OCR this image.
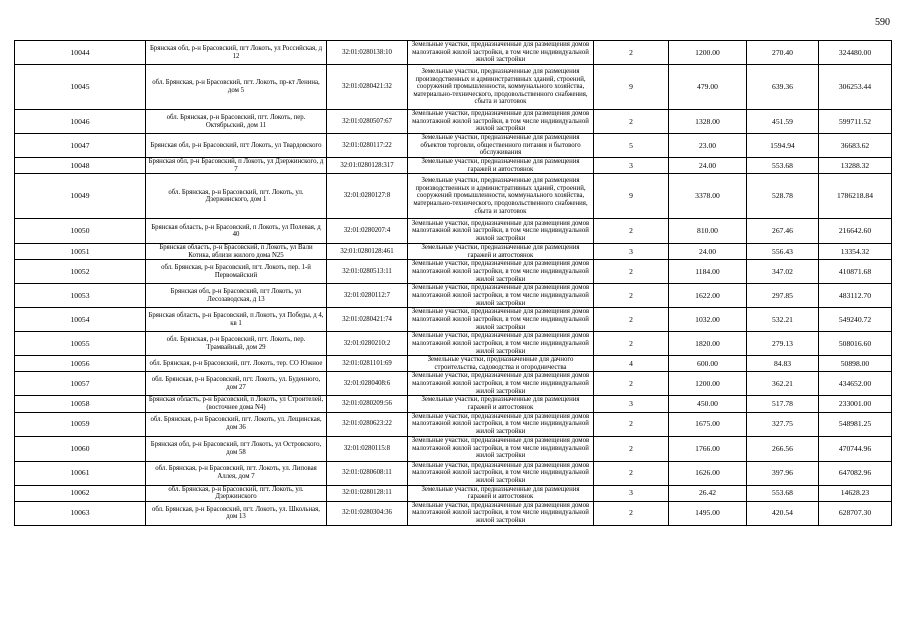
590
10044	Брянская обл, р-н Брасовский, пгт Локоть, ул Российская, д 12	32:01:0280138:10	Земельные участки, предназначенные для размещения домов малоэтажной жилой застройки, в том числе индивидуальной жилой застройки	2	1200.00	270.40	324480.00
10045	обл. Брянская, р-н Брасовский, пгт. Локоть, пр-кт Ленина, дом 5	32:01:0280421:32	Земельные участки, предназначенные для размещения производственных и административных зданий, строений, сооружений промышленности, коммунального хозяйства, материально-технического, продовольственного снабжения, сбыта и заготовок	9	479.00	639.36	306253.44
10046	обл. Брянская, р-н Брасовский, пгт. Локоть, пер. Октябрьский, дом 11	32:01:0280507:67	Земельные участки, предназначенные для размещения домов малоэтажной жилой застройки, в том числе индивидуальной жилой застройки	2	1328.00	451.59	599711.52
10047	Брянская обл, р-н Брасовский, пгт Локоть, ул Твардовского	32:01:0280117:22	Земельные участки, предназначенные для размещения объектов торговли, общественного питания и бытового обслуживания	5	23.00	1594.94	36683.62
10048	Брянская обл, р-н Брасовский, п Локоть, ул Дзержинского, д 7	32:01:0280128:317	Земельные участки, предназначенные для размещения гаражей и автостоянок	3	24.00	553.68	13288.32
10049	обл. Брянская, р-н Брасовский, пгт. Локоть, ул. Дзержинского, дом 1	32:01:0280127:8	Земельные участки, предназначенные для размещения производственных и административных зданий, строений, сооружений промышленности, коммунального хозяйства, материально-технического, продовольственного снабжения, сбыта и заготовок	9	3378.00	528.78	1786218.84
10050	Брянская область, р-н Брасовский, п Локоть, ул Полевая, д 40	32:01:0280207:4	Земельные участки, предназначенные для размещения домов малоэтажной жилой застройки, в том числе индивидуальной жилой застройки	2	810.00	267.46	216642.60
10051	Брянская область, р-н Брасовский, п Локоть, ул Вали Котика, вблизи жилого дома N25	32:01:0280128:461	Земельные участки, предназначенные для размещения гаражей и автостоянок	3	24.00	556.43	13354.32
10052	обл. Брянская, р-н Брасовский, пгт. Локоть, пер. 1-й Первомайский	32:01:0280513:11	Земельные участки, предназначенные для размещения домов малоэтажной жилой застройки, в том числе индивидуальной жилой застройки	2	1184.00	347.02	410871.68
10053	Брянская обл, р-н Брасовский, пгт Локоть, ул Лесозаводская, д 13	32:01:0280112:7	Земельные участки, предназначенные для размещения домов малоэтажной жилой застройки, в том числе индивидуальной жилой застройки	2	1622.00	297.85	483112.70
10054	Брянская область, р-н Брасовский, п Локоть, ул Победы, д 4, кв 1	32:01:0280421:74	Земельные участки, предназначенные для размещения домов малоэтажной жилой застройки, в том числе индивидуальной жилой застройки	2	1032.00	532.21	549240.72
10055	обл. Брянская, р-н Брасовский, пгт. Локоть, пер. Трамвайный, дом 29	32:01:0280210:2	Земельные участки, предназначенные для размещения домов малоэтажной жилой застройки, в том числе индивидуальной жилой застройки	2	1820.00	279.13	508016.60
10056	обл. Брянская, р-н Брасовский, пгт. Локоть, тер. СО Южное	32:01:0281101:69	Земельные участки, предназначенные для дачного строительства, садоводства и огородничества	4	600.00	84.83	50898.00
10057	обл. Брянская, р-н Брасовский, пгт. Локоть, ул. Буденного, дом 27	32:01:0280408:6	Земельные участки, предназначенные для размещения домов малоэтажной жилой застройки, в том числе индивидуальной жилой застройки	2	1200.00	362.21	434652.00
10058	Брянская область, р-н Брасовский, п Локоть, ул Строителей, (восточнее дома N4)	32:01:0280209:56	Земельные участки, предназначенные для размещения гаражей и автостоянок	3	450.00	517.78	233001.00
10059	обл. Брянская, р-н Брасовский, пгт. Локоть, ул. Лещинская, дом 36	32:01:0280623:22	Земельные участки, предназначенные для размещения домов малоэтажной жилой застройки, в том числе индивидуальной жилой застройки	2	1675.00	327.75	548981.25
10060	Брянская обл, р-н Брасовский, пгт Локоть, ул Островского, дом 58	32:01:0280115:8	Земельные участки, предназначенные для размещения домов малоэтажной жилой застройки, в том числе индивидуальной жилой застройки	2	1766.00	266.56	470744.96
10061	обл. Брянская, р-н Брасовский, пгт. Локоть, ул. Липовая Аллея, дом 7	32:01:0280608:11	Земельные участки, предназначенные для размещения домов малоэтажной жилой застройки, в том числе индивидуальной жилой застройки	2	1626.00	397.96	647082.96
10062	обл. Брянская, р-н Брасовский, пгт. Локоть, ул. Дзержинского	32:01:0280128:11	Земельные участки, предназначенные для размещения гаражей и автостоянок	3	26.42	553.68	14628.23
10063	обл. Брянская, р-н Брасовский, пгт. Локоть, ул. Школьная, дом 13	32:01:0280304:36	Земельные участки, предназначенные для размещения домов малоэтажной жилой застройки, в том числе индивидуальной жилой застройки	2	1495.00	420.54	628707.30
